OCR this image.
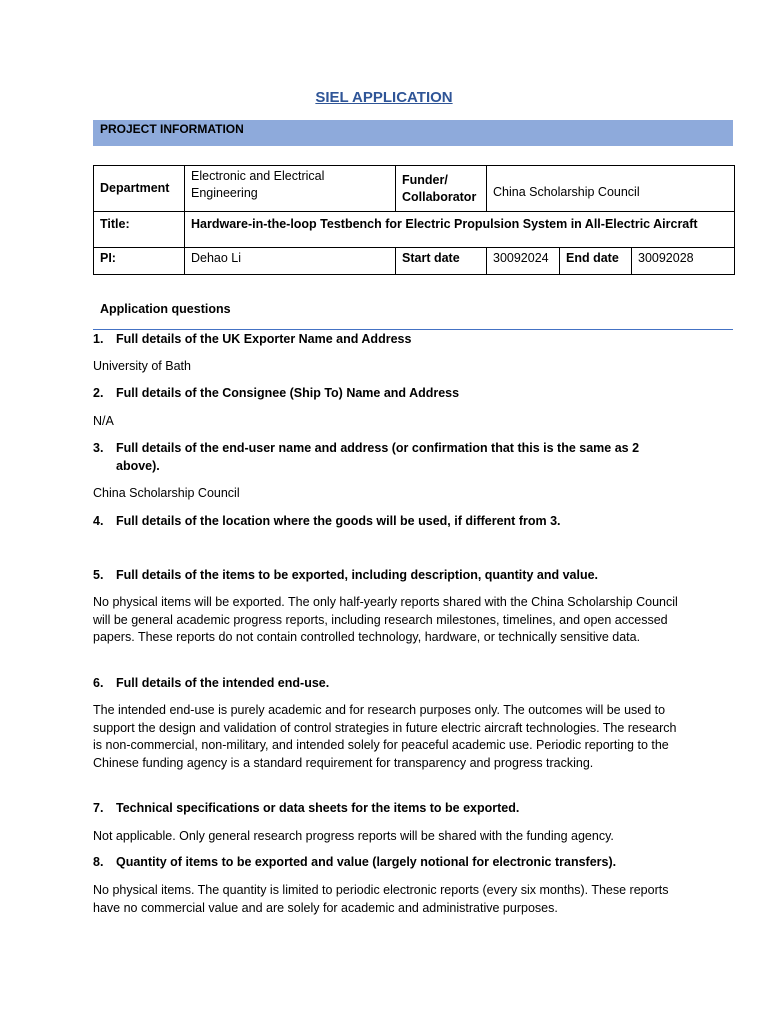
SIEL APPLICATION
PROJECT INFORMATION
Department	Electronic and Electrical Engineering	Funder/ Collaborator	China Scholarship Council		
Title:	Hardware-in-the-loop Testbench for Electric Propulsion System in All-Electric Aircraft				
PI:	Dehao Li	Start date	30092024	End date	30092028
Application questions
1.	Full details of the UK Exporter Name and Address
University of Bath
2.	Full details of the Consignee (Ship To) Name and Address
N/A
3.	Full details of the end-user name and address (or confirmation that this is the same as 2 above).
China Scholarship Council
4.	Full details of the location where the goods will be used, if different from 3.
5.	Full details of the items to be exported, including description, quantity and value.
No physical items will be exported. The only half-yearly reports shared with the China Scholarship Council will be general academic progress reports, including research milestones, timelines, and open accessed papers. These reports do not contain controlled technology, hardware, or technically sensitive data.
6.	Full details of the intended end-use.
The intended end-use is purely academic and for research purposes only. The outcomes will be used to support the design and validation of control strategies in future electric aircraft technologies. The research is non-commercial, non-military, and intended solely for peaceful academic use. Periodic reporting to the Chinese funding agency is a standard requirement for transparency and progress tracking.
7.	Technical specifications or data sheets for the items to be exported.
Not applicable. Only general research progress reports will be shared with the funding agency.
8.	Quantity of items to be exported and value (largely notional for electronic transfers).
No physical items. The quantity is limited to periodic electronic reports (every six months). These reports have no commercial value and are solely for academic and administrative purposes.
